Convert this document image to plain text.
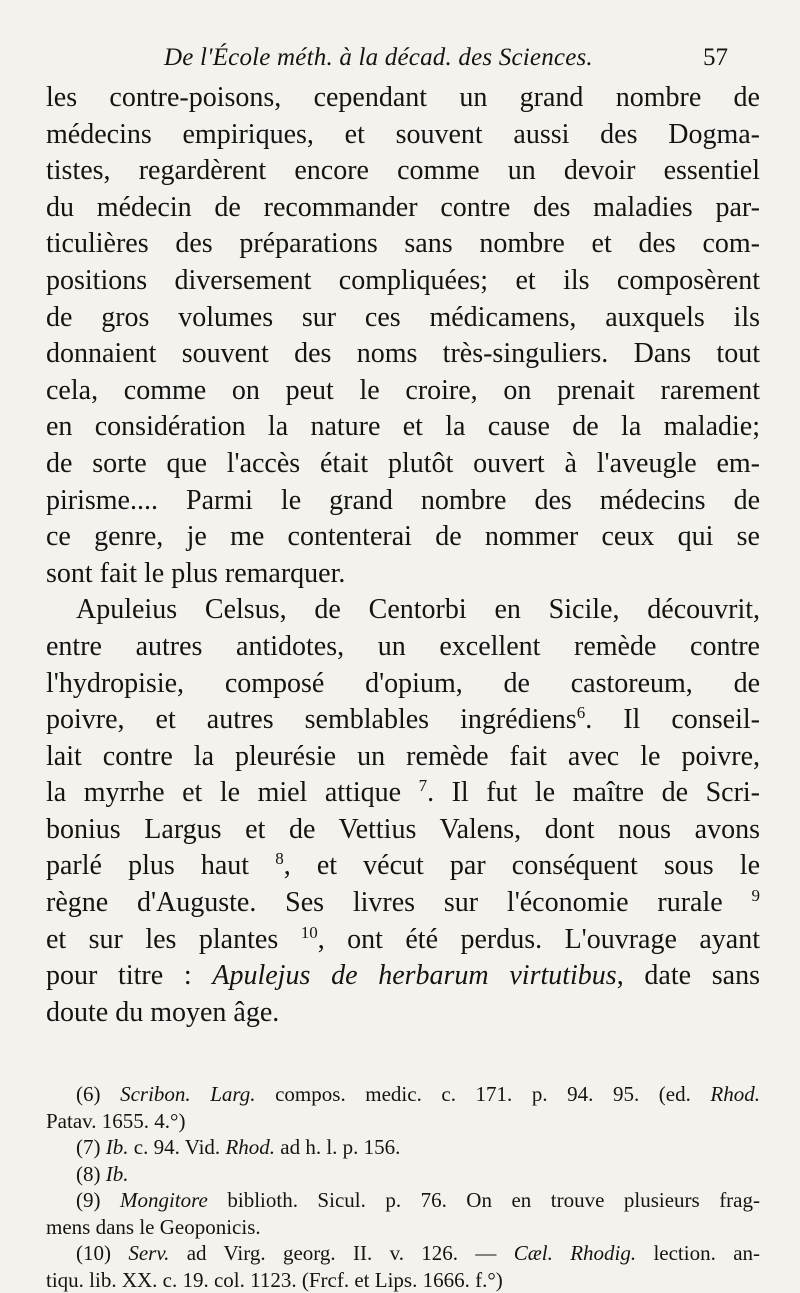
De l'École méth. à la décad. des Sciences.	57
les contre-poisons, cependant un grand nombre de
médecins empiriques, et souvent aussi des Dogma-
tistes, regardèrent encore comme un devoir essentiel
du médecin de recommander contre des maladies par-
ticulières des préparations sans nombre et des com-
positions diversement compliquées; et ils composèrent
de gros volumes sur ces médicamens, auxquels ils
donnaient souvent des noms très-singuliers. Dans tout
cela, comme on peut le croire, on prenait rarement
en considération la nature et la cause de la maladie;
de sorte que l'accès était plutôt ouvert à l'aveugle em-
pirisme.... Parmi le grand nombre des médecins de
ce genre, je me contenterai de nommer ceux qui se
sont fait le plus remarquer.
Apuleius Celsus, de Centorbi en Sicile, découvrit,
entre autres antidotes, un excellent remède contre
l'hydropisie, composé d'opium, de castoreum, de
poivre, et autres semblables ingrédiens$^6$. Il conseil-
lait contre la pleurésie un remède fait avec le poivre,
la myrrhe et le miel attique $^7$. Il fut le maître de Scri-
bonius Largus et de Vettius Valens, dont nous avons
parlé plus haut $^8$, et vécut par conséquent sous le
règne d'Auguste. Ses livres sur l'économie rurale $^9$
et sur les plantes $^{10}$, ont été perdus. L'ouvrage ayant
pour titre : Apulejus de herbarum virtutibus, date sans
doute du moyen âge.
(6) Scribon. Larg. compos. medic. c. 171. p. 94. 95. (ed. Rhod.
Patav. 1655. 4.°)
(7) Ib. c. 94. Vid. Rhod. ad h. l. p. 156.
(8) Ib.
(9) Mongitore biblioth. Sicul. p. 76. On en trouve plusieurs frag-
mens dans le Geoponicis.
(10) Serv. ad Virg. georg. II. v. 126. — Cæl. Rhodig. lection. an-
tiqu. lib. XX. c. 19. col. 1123. (Frcf. et Lips. 1666. f.°)
